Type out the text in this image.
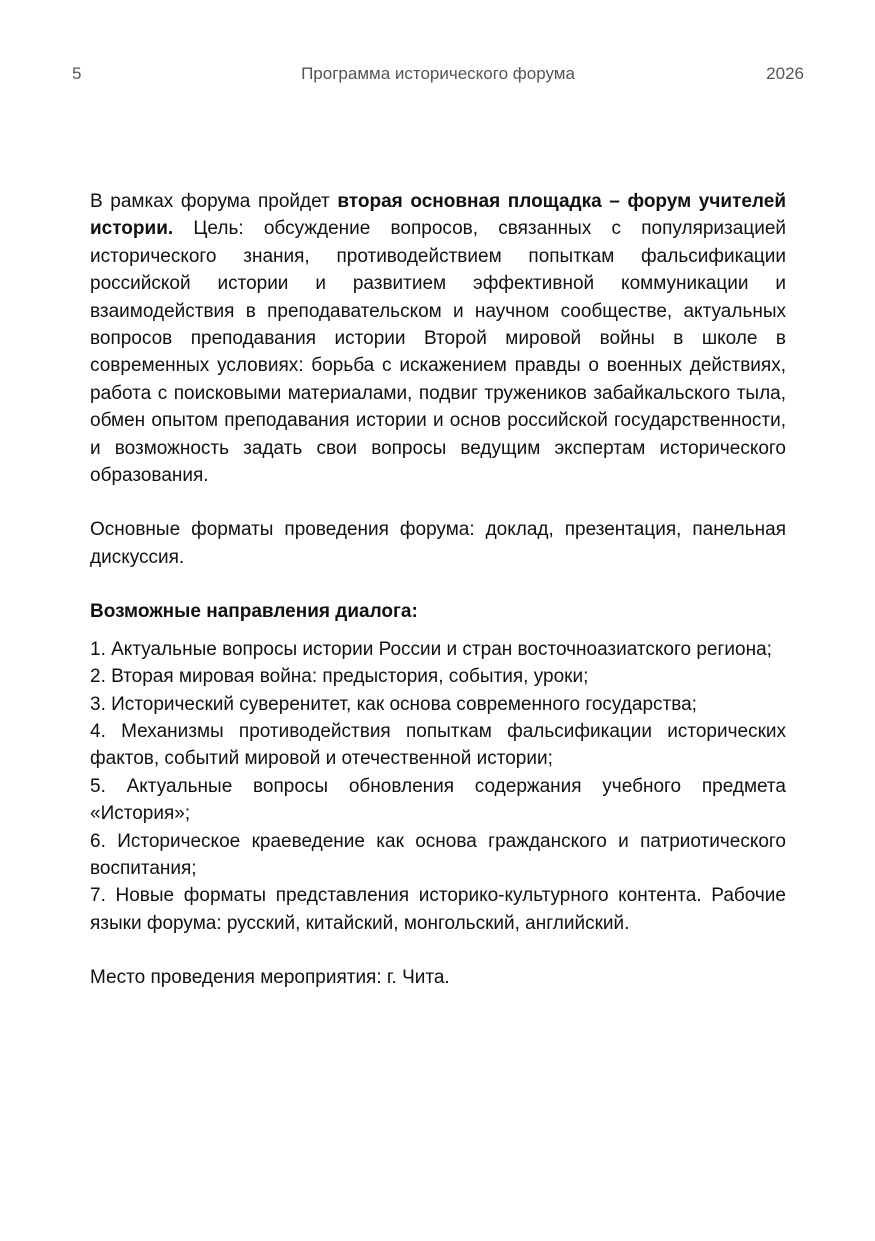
5	Программа исторического форума	2026

В рамках форума пройдет вторая основная площадка – форум учителей истории. Цель: обсуждение вопросов, связанных с популяризацией исторического знания, противодействием попыткам фальсификации российской истории и развитием эффективной коммуникации и взаимодействия в преподавательском и научном сообществе, актуальных вопросов преподавания истории Второй мировой войны в школе в современных условиях: борьба с искажением правды о военных действиях, работа с поисковыми материалами, подвиг тружеников забайкальского тыла, обмен опытом преподавания истории и основ российской государственности, и возможность задать свои вопросы ведущим экспертам исторического образования.

Основные форматы проведения форума: доклад, презентация, панельная дискуссия.

Возможные направления диалога:

1. Актуальные вопросы истории России и стран восточноазиатского региона;
2. Вторая мировая война: предыстория, события, уроки;
3. Исторический суверенитет, как основа современного государства;
4. Механизмы противодействия попыткам фальсификации исторических фактов, событий мировой и отечественной истории;
5. Актуальные вопросы обновления содержания учебного предмета «История»;
6. Историческое краеведение как основа гражданского и патриотического воспитания;
7. Новые форматы представления историко-культурного контента. Рабочие языки форума: русский, китайский, монгольский, английский.

Место проведения мероприятия: г. Чита.
